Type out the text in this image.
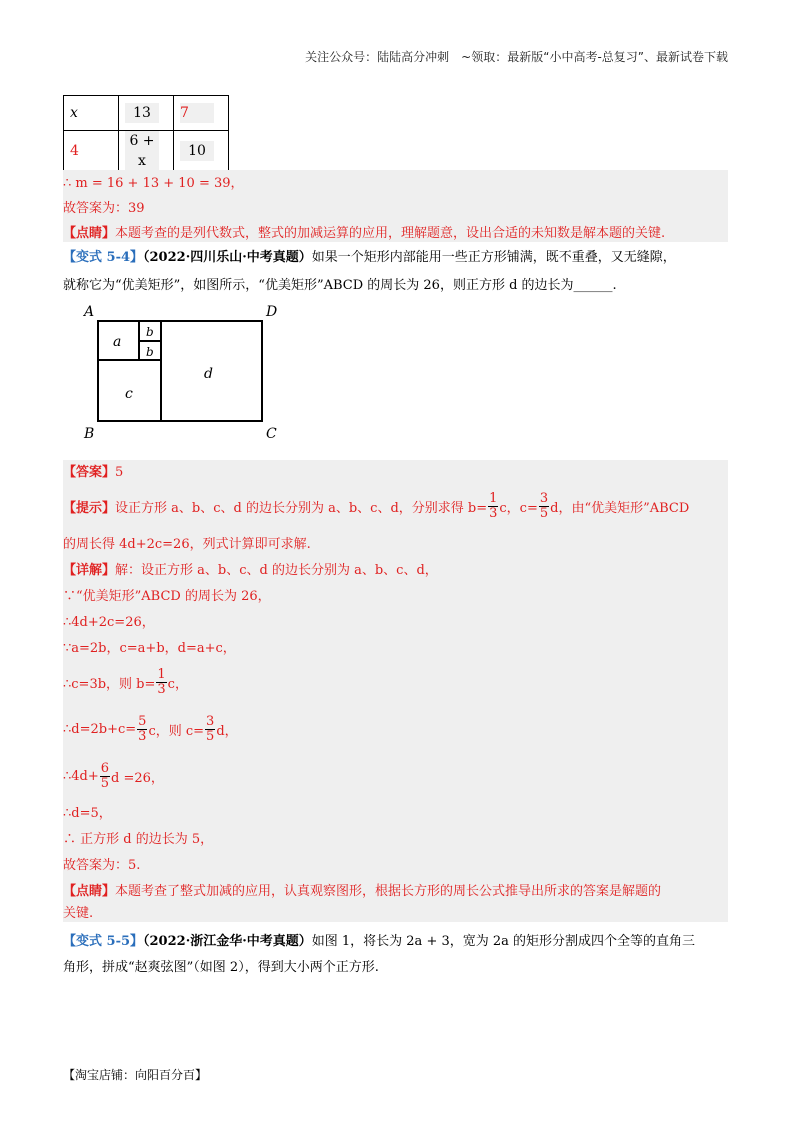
关注公众号：陆陆高分冲刺　~领取：最新版“小中高考-总复习”、最新试卷下载
x	13	7
4	6 + x	10
∴ m = 16 + 13 + 10 = 39，
故答案为：39
【点睛】本题考查的是列代数式，整式的加减运算的应用，理解题意，设出合适的未知数是解本题的关键.
【变式 5-4】（2022·四川乐山·中考真题）如果一个矩形内部能用一些正方形铺满，既不重叠，又无缝隙，
就称它为“优美矩形”，如图所示，“优美矩形”ABCD 的周长为 26，则正方形 d 的边长为______.
A	D
B	C
a
b
b
c
d
【答案】5
【提示】 设正方形 a、b、c、d 的边长分别为 a、b、c、d，分别求得 $b= \frac{1}{3}$ c，$c= \frac{3}{5}$ d，由“优美矩形”ABCD
的周长得 4d+2c=26，列式计算即可求解.
【详解】解：设正方形 a、b、c、d 的边长分别为 a、b、c、d，
∵“优美矩形”ABCD 的周长为 26，
∴4d+2c=26，
∵a=2b，c=a+b，d=a+c，
∴c=3b，则 $b= \frac{1}{3}$ c，
∴d=2b+c= $\frac{5}{3}$ c，则 $c= \frac{3}{5}$ d，
∴4d+ $\frac{6}{5}$ d =26，
∴d=5，
∴ 正方形 d 的边长为 5，
故答案为：5.
【点睛】本题考查了整式加减的应用，认真观察图形，根据长方形的周长公式推导出所求的答案是解题的
关键.
【变式 5-5】（2022·浙江金华·中考真题）如图 1，将长为 2a + 3，宽为 2a 的矩形分割成四个全等的直角三
角形，拼成“赵爽弦图”（如图 2），得到大小两个正方形.
【淘宝店铺：向阳百分百】
